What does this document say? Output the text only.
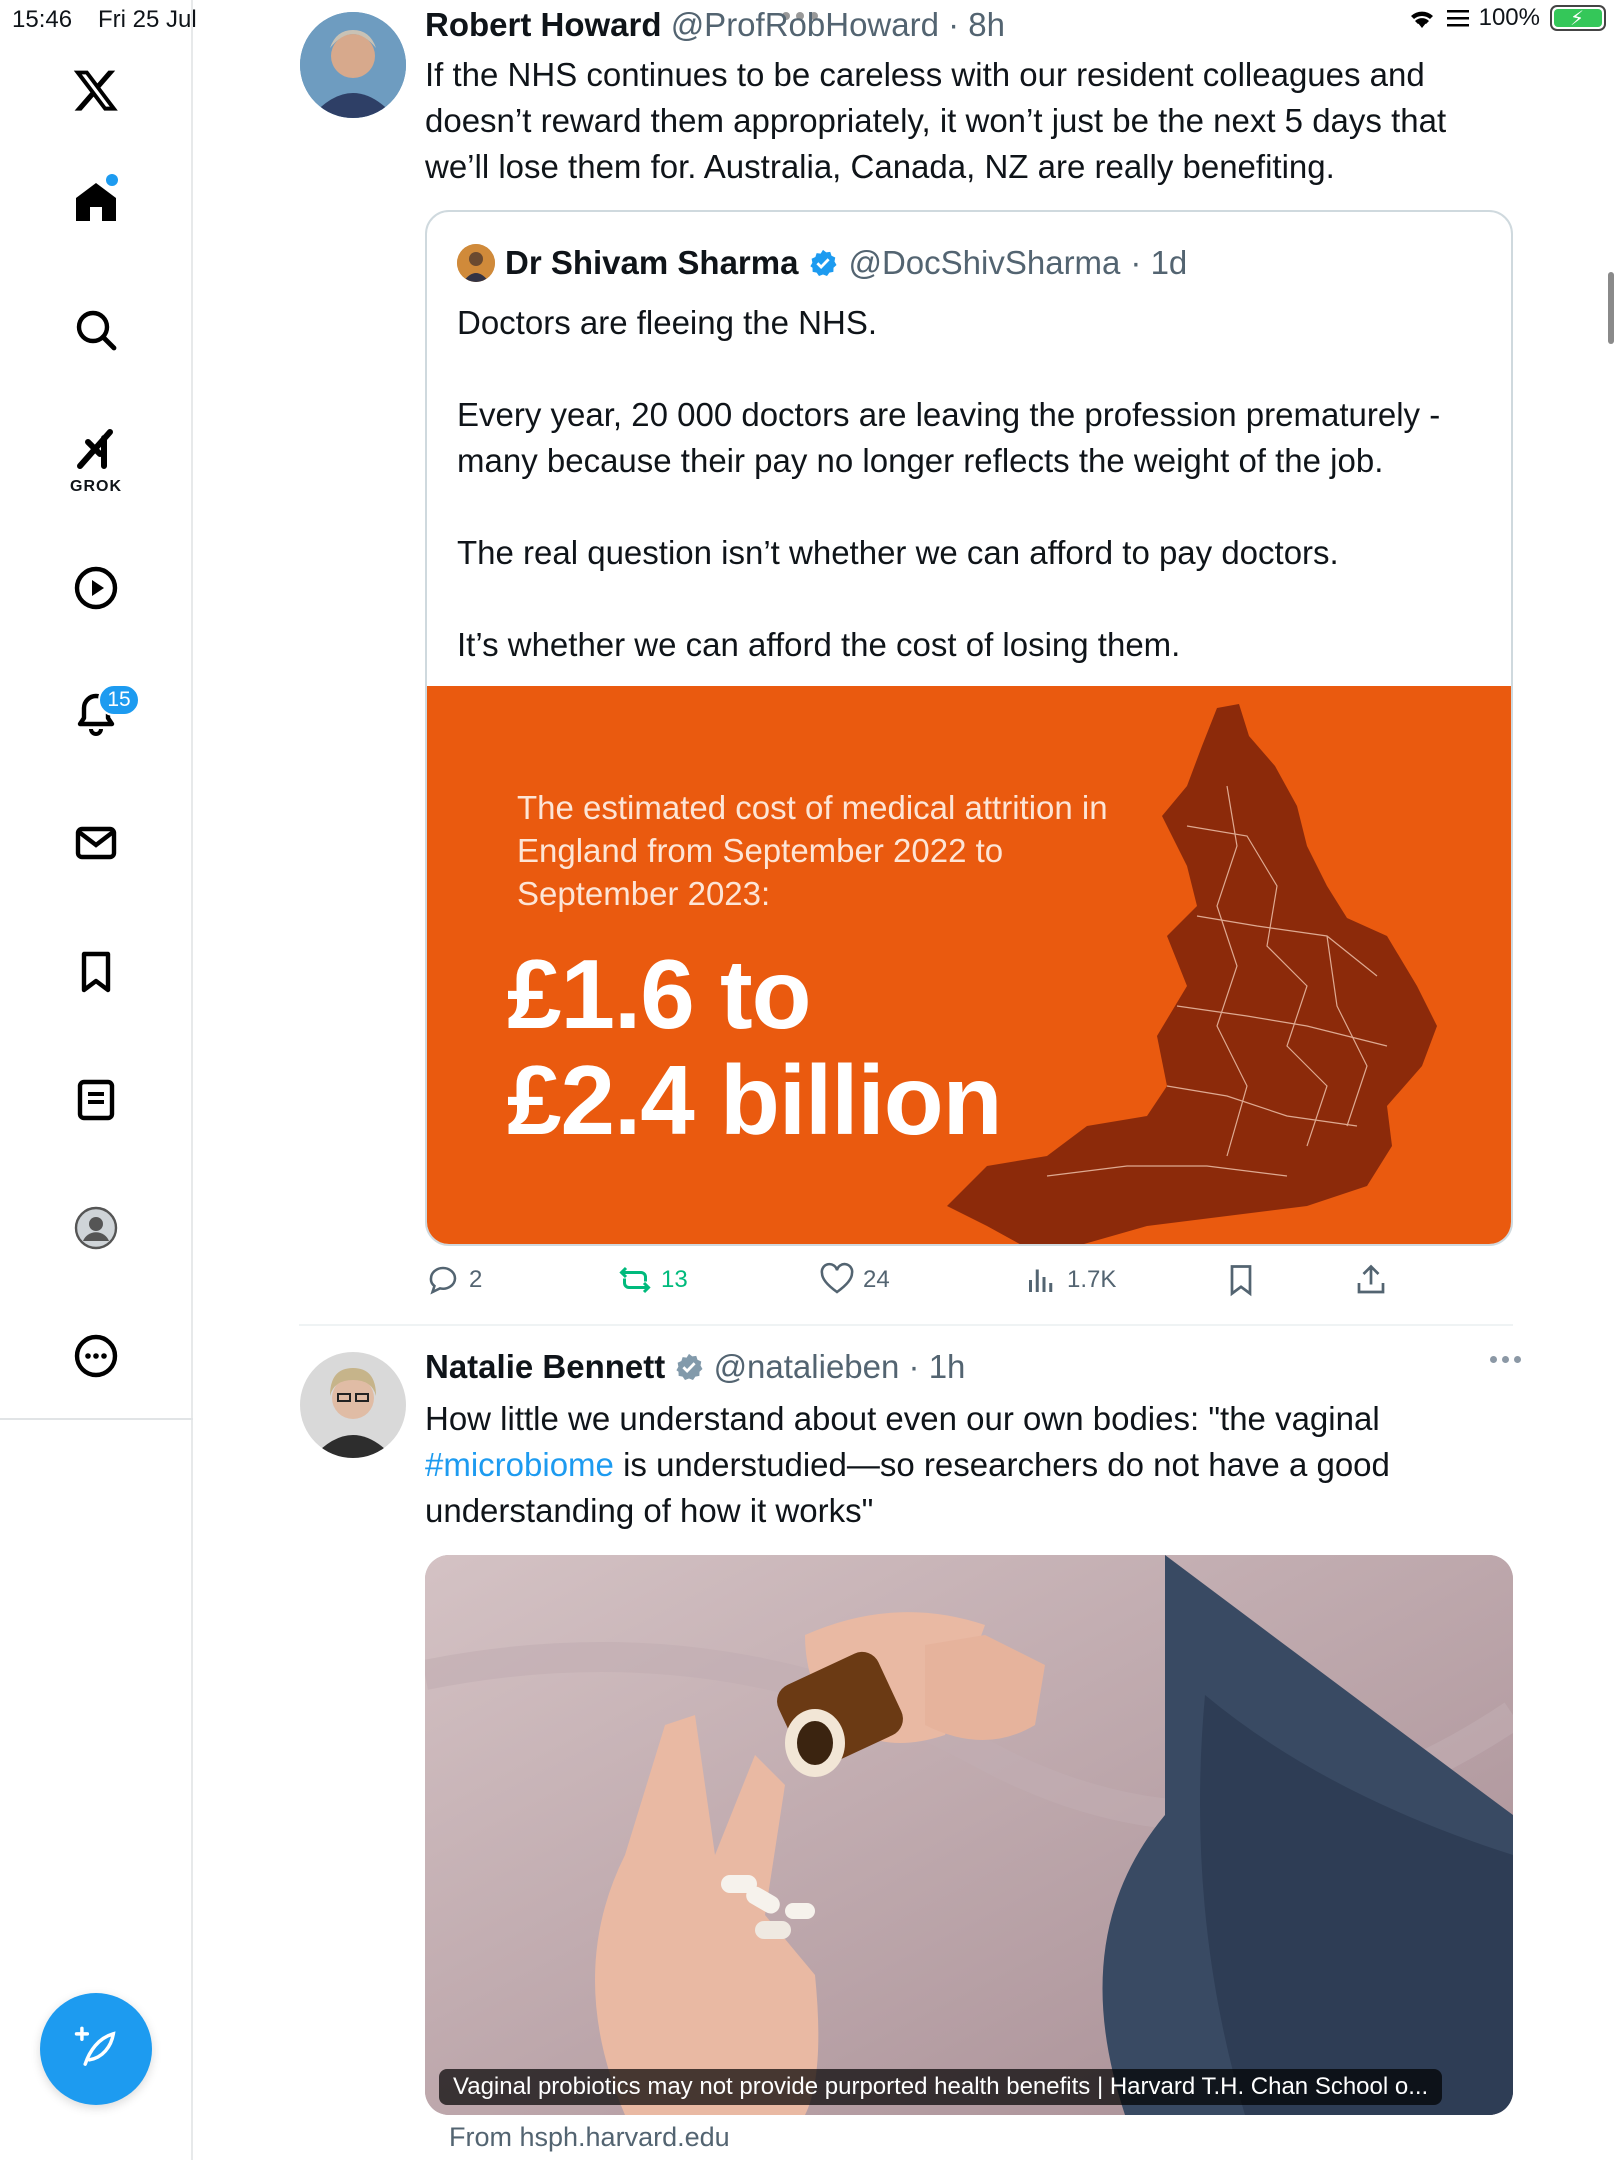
15:46 Fri 25 Jul	100% ⚡
GROK
15
Robert Howard @ProfRobHoward · 8h
If the NHS continues to be careless with our resident colleagues and doesn’t reward them appropriately, it won’t just be the next 5 days that we’ll lose them for. Australia, Canada, NZ are really benefiting.
Dr Shivam Sharma @DocShivSharma · 1d

Doctors are fleeing the NHS.

Every year, 20 000 doctors are leaving the profession prematurely - many because their pay no longer reflects the weight of the job.

The real question isn’t whether we can afford to pay doctors.

It’s whether we can afford the cost of losing them.

The estimated cost of medical attrition in England from September 2022 to September 2023:
£1.6 to
£2.4 billion
2	13	24	1.7K
Natalie Bennett @natalieben · 1h
How little we understand about even our own bodies: "the vaginal #microbiome is understudied—so researchers do not have a good understanding of how it works"
Vaginal probiotics may not provide purported health benefits | Harvard T.H. Chan School o...
From hsph.harvard.edu
